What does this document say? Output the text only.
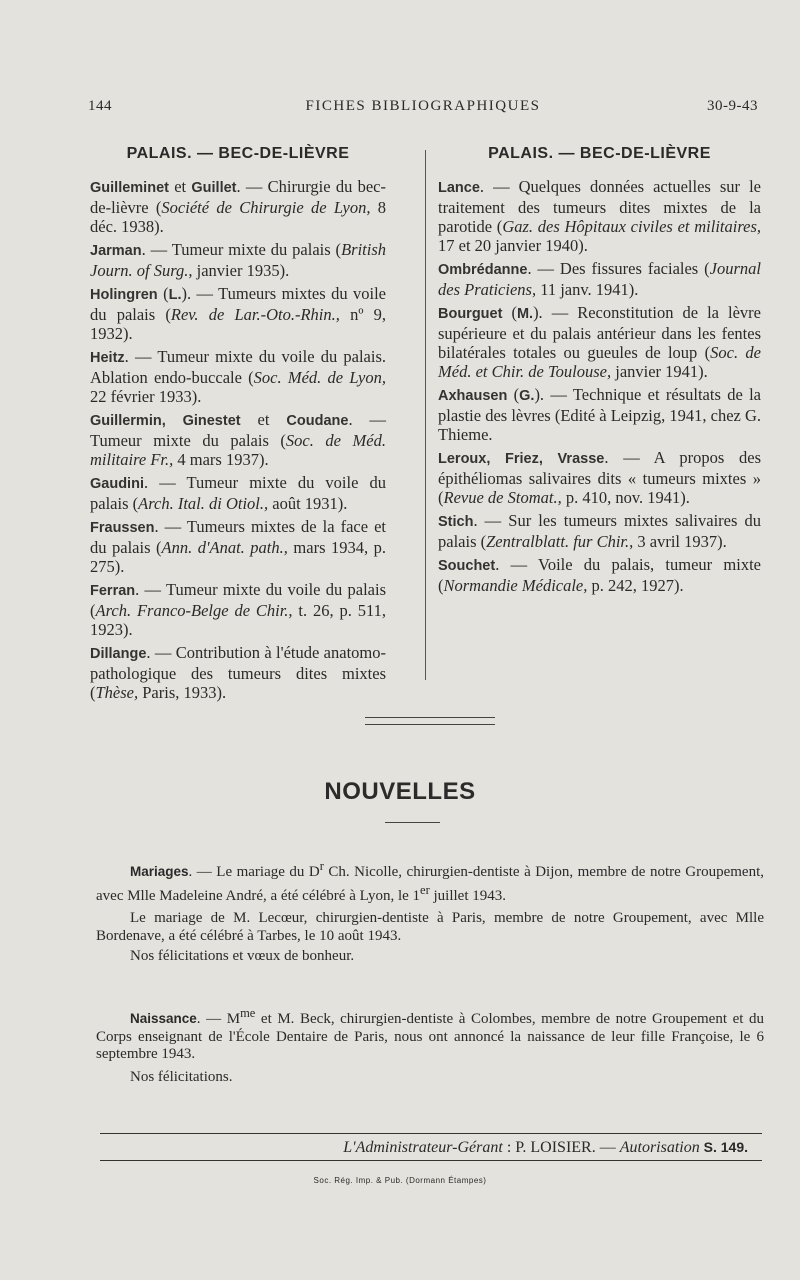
144	FICHES BIBLIOGRAPHIQUES	30-9-43
PALAIS. — BEC-DE-LIÈVRE
Guilleminet et Guillet. — Chirurgie du bec-de-lièvre (Société de Chirurgie de Lyon, 8 déc. 1938).
Jarman. — Tumeur mixte du palais (British Journ. of Surg., janvier 1935).
Holingren (L.). — Tumeurs mixtes du voile du palais (Rev. de Lar.-Oto.-Rhin., nº 9, 1932).
Heitz. — Tumeur mixte du voile du palais. Ablation endo-buccale (Soc. Méd. de Lyon, 22 février 1933).
Guillermin, Ginestet et Coudane. — Tumeur mixte du palais (Soc. de Méd. militaire Fr., 4 mars 1937).
Gaudini. — Tumeur mixte du voile du palais (Arch. Ital. di Otiol., août 1931).
Fraussen. — Tumeurs mixtes de la face et du palais (Ann. d'Anat. path., mars 1934, p. 275).
Ferran. — Tumeur mixte du voile du palais (Arch. Franco-Belge de Chir., t. 26, p. 511, 1923).
Dillange. — Contribution à l'étude anatomo-pathologique des tumeurs dites mixtes (Thèse, Paris, 1933).
PALAIS. — BEC-DE-LIÈVRE
Lance. — Quelques données actuelles sur le traitement des tumeurs dites mixtes de la parotide (Gaz. des Hôpitaux civiles et militaires, 17 et 20 janvier 1940).
Ombrédanne. — Des fissures faciales (Journal des Praticiens, 11 janv. 1941).
Bourguet (M.). — Reconstitution de la lèvre supérieure et du palais antérieur dans les fentes bilatérales totales ou gueules de loup (Soc. de Méd. et Chir. de Toulouse, janvier 1941).
Axhausen (G.). — Technique et résultats de la plastie des lèvres (Edité à Leipzig, 1941, chez G. Thieme.
Leroux, Friez, Vrasse. — A propos des épithéliomas salivaires dits « tumeurs mixtes » (Revue de Stomat., p. 410, nov. 1941).
Stich. — Sur les tumeurs mixtes salivaires du palais (Zentralblatt. fur Chir., 3 avril 1937).
Souchet. — Voile du palais, tumeur mixte (Normandie Médicale, p. 242, 1927).
NOUVELLES

Mariages. — Le mariage du $D^r$ Ch. Nicolle, chirurgien-dentiste à Dijon, membre de notre Groupement, avec Mlle Madeleine André, a été célébré à Lyon, le 1er juillet 1943.

Le mariage de M. Lecœur, chirurgien-dentiste à Paris, membre de notre Groupement, avec Mlle Bordenave, a été célébré à Tarbes, le 10 août 1943.

Nos félicitations et vœux de bonheur.

Naissance. — $M^{me}$ et M. Beck, chirurgien-dentiste à Colombes, membre de notre Groupement et du Corps enseignant de l'École Dentaire de Paris, nous ont annoncé la naissance de leur fille Françoise, le 6 septembre 1943.

Nos félicitations.

L'Administrateur-Gérant : P. LOISIER. — Autorisation S. 149.
Soc. Rég. Imp. & Pub. (Dormann Étampes)
